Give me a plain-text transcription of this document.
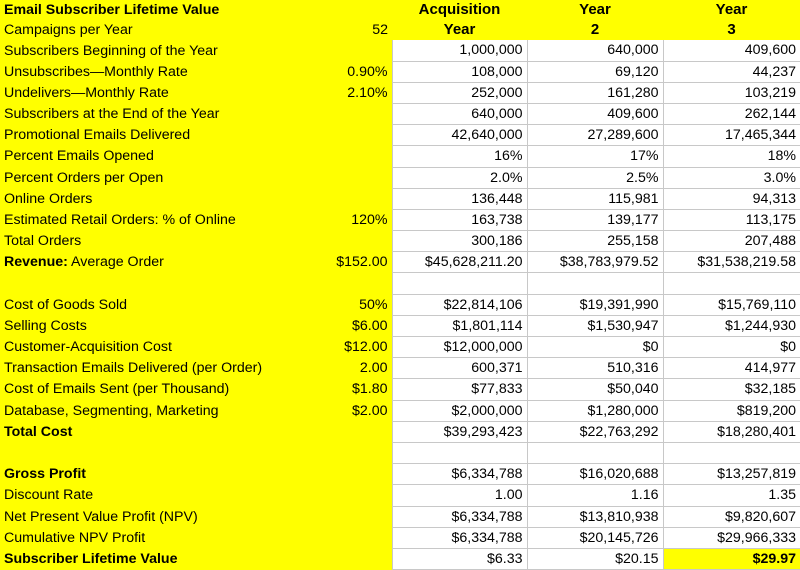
Email Subscriber Lifetime Value		Acquisition	Year	Year
Campaigns per Year	52	Year	2	3
Subscribers Beginning of the Year		1,000,000	640,000	409,600
Unsubscribes—Monthly Rate	0.90%	108,000	69,120	44,237
Undelivers—Monthly Rate	2.10%	252,000	161,280	103,219
Subscribers at the End of the Year		640,000	409,600	262,144
Promotional Emails Delivered		42,640,000	27,289,600	17,465,344
Percent Emails Opened		16%	17%	18%
Percent Orders per Open		2.0%	2.5%	3.0%
Online Orders		136,448	115,981	94,313
Estimated Retail Orders: % of Online	120%	163,738	139,177	113,175
Total Orders		300,186	255,158	207,488
Revenue: Average Order	$152.00	$45,628,211.20	$38,783,979.52	$31,538,219.58

Cost of Goods Sold	50%	$22,814,106	$19,391,990	$15,769,110
Selling Costs	$6.00	$1,801,114	$1,530,947	$1,244,930
Customer-Acquisition Cost	$12.00	$12,000,000	$0	$0
Transaction Emails Delivered (per Order)	2.00	600,371	510,316	414,977
Cost of Emails Sent (per Thousand)	$1.80	$77,833	$50,040	$32,185
Database, Segmenting, Marketing	$2.00	$2,000,000	$1,280,000	$819,200
Total Cost		$39,293,423	$22,763,292	$18,280,401

Gross Profit		$6,334,788	$16,020,688	$13,257,819
Discount Rate		1.00	1.16	1.35
Net Present Value Profit (NPV)		$6,334,788	$13,810,938	$9,820,607
Cumulative NPV Profit		$6,334,788	$20,145,726	$29,966,333
Subscriber Lifetime Value		$6.33	$20.15	$29.97
